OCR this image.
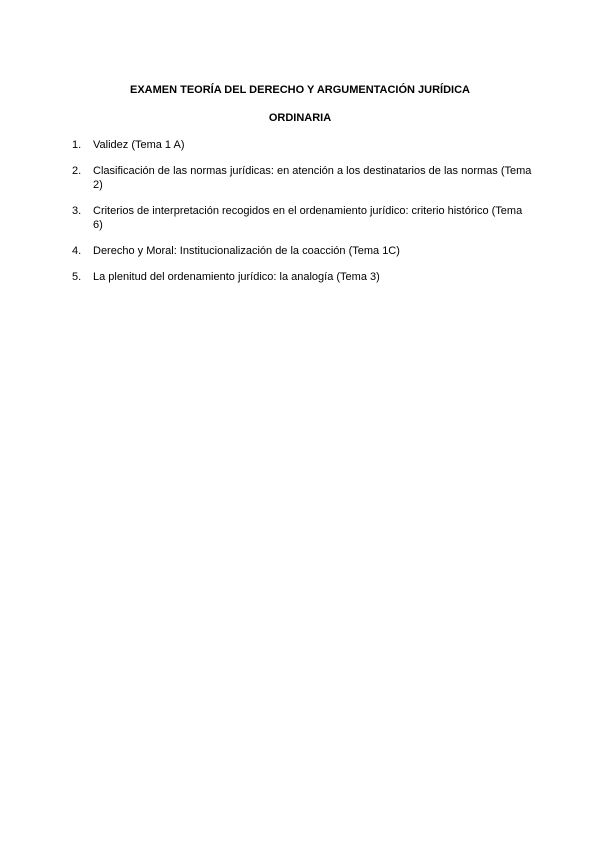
EXAMEN TEORÍA DEL DERECHO Y ARGUMENTACIÓN JURÍDICA
ORDINARIA
1.	Validez (Tema 1 A)
2.	Clasificación de las normas jurídicas: en atención a los destinatarios de las normas (Tema 2)
3.	Criterios de interpretación recogidos en el ordenamiento jurídico: criterio histórico (Tema 6)
4.	Derecho y Moral: Institucionalización de la coacción (Tema 1C)
5.	La plenitud del ordenamiento jurídico: la analogía (Tema 3)
